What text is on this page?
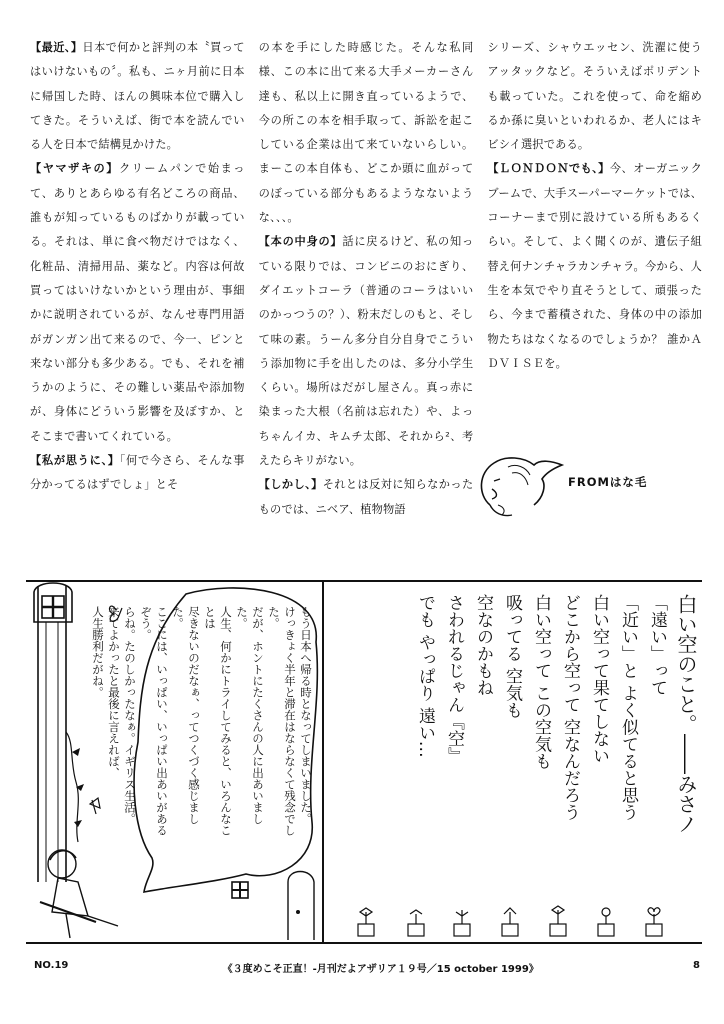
【最近、】日本で何かと評判の本〝買ってはいけないもの〞。私も、ニヶ月前に日本に帰国した時、ほんの興味本位で購入してきた。そういえば、街で本を読んでいる人を日本で結構見かけた。

【ヤマザキの】クリームパンで始まって、ありとあらゆる有名どころの商品、誰もが知っているものばかりが載っている。それは、単に食べ物だけではなく、化粧品、清掃用品、薬など。内容は何故買ってはいけないかという理由が、事細かに説明されているが、なんせ専門用語がガンガン出て来るので、今一、ピンと来ない部分も多少ある。でも、それを補うかのように、その難しい薬品や添加物が、身体にどういう影響を及ぼすか、とそこまで書いてくれている。

【私が思うに、】「何で今さら、そんな事分かってるはずでしょ」とそ

の本を手にした時感じた。そんな私同様、この本に出て来る大手メーカーさん達も、私以上に開き直っているようで、今の所この本を相手取って、訴訟を起こしている企業は出て来ていないらしい。まーこの本自体も、どこか頭に血がってのぼっている部分もあるようなないような、、、。

【本の中身の】話に戻るけど、私の知っている限りでは、コンビニのおにぎり、ダイエットコーラ（普通のコーラはいいのかっつうの？）、粉末だしのもと、そして味の素。うーん多分自分自身でこういう添加物に手を出したのは、多分小学生くらい。場所はだがし屋さん。真っ赤に染まった大根（名前は忘れた）や、よっちゃんイカ、キムチ太郎、それから²、考えたらキリがない。

【しかし、】それとは反対に知らなかったものでは、ニベア、植物物語

シリーズ、シャウエッセン、洗濯に使うアッタックなど。そういえばポリデントも載っていた。これを使って、命を縮めるか孫に臭いといわれるか、老人にはキビシイ選択である。

【ＬＯＮＤＯＮでも、】今、オーガニックブームで、大手スーパーマーケットでは、コーナーまで別に設けている所もあるくらい。そして、よく聞くのが、遺伝子組替え何ナンチャラカンチャラ。今から、人生を本気でやり直そうとして、頑張ったら、今まで蓄積された、身体の中の添加物たちはなくなるのでしょうか？ 誰かＡＤＶＩＳＥを。

FROMはな毛

もう日本へ帰る時となってしまいました。

けっきょく半年と滞在はならなくて残念でした。

だが、ホントにたくさんの人に出あいました。

人生、何かにトライしてみると、いろんなことは

尽きないのだなぁ、ってつくづく感じました。

ここには、いっぱい、いっぱい出あいがあるぞう。

らね。たのしかったなぁ。イギリス生活。

来てよかったと最後に言えれば、

人生勝利だがね。	白い空のこと。――みさノ

「遠い」って

「近い」と よく似てると思う

白い空って果てしない

どこから空って 空なんだろう

白い空って この空気も

吸ってる 空気も

空なのかもね

さわれるじゃん『空』

でも やっぱり 遠い…

NO.19	《３度めこそ正直！-月刊だよアザリア１９号／15 october 1999》	8
